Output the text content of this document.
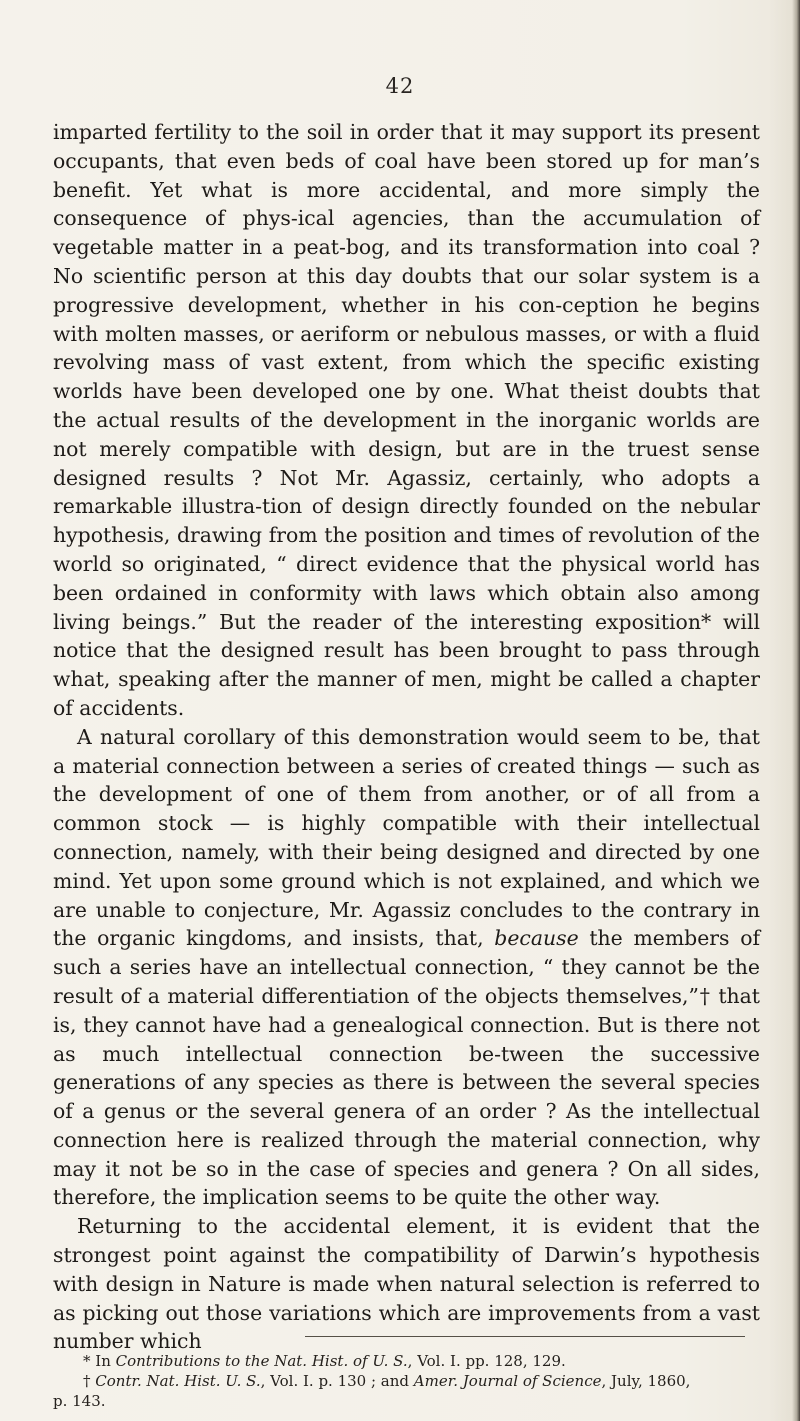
42

imparted fertility to the soil in order that it may support its present occupants, that even beds of coal have been stored up for man’s benefit. Yet what is more accidental, and more simply the consequence of phys-ical agencies, than the accumulation of vegetable matter in a peat-bog, and its transformation into coal ? No scientific person at this day doubts that our solar system is a progressive development, whether in his con-ception he begins with molten masses, or aeriform or nebulous masses, or with a fluid revolving mass of vast extent, from which the specific existing worlds have been developed one by one. What theist doubts that the actual results of the development in the inorganic worlds are not merely compatible with design, but are in the truest sense designed results ? Not Mr. Agassiz, certainly, who adopts a remarkable illustra-tion of design directly founded on the nebular hypothesis, drawing from the position and times of revolution of the world so originated, “ direct evidence that the physical world has been ordained in conformity with laws which obtain also among living beings.” But the reader of the interesting exposition* will notice that the designed result has been brought to pass through what, speaking after the manner of men, might be called a chapter of accidents.

A natural corollary of this demonstration would seem to be, that a material connection between a series of created things — such as the development of one of them from another, or of all from a common stock — is highly compatible with their intellectual connection, namely, with their being designed and directed by one mind. Yet upon some ground which is not explained, and which we are unable to conjecture, Mr. Agassiz concludes to the contrary in the organic kingdoms, and insists, that, because the members of such a series have an intellectual connection, “ they cannot be the result of a material differentiation of the objects themselves,”† that is, they cannot have had a genealogical connection. But is there not as much intellectual connection be-tween the successive generations of any species as there is between the several species of a genus or the several genera of an order ? As the intellectual connection here is realized through the material connection, why may it not be so in the case of species and genera ? On all sides, therefore, the implication seems to be quite the other way.

Returning to the accidental element, it is evident that the strongest point against the compatibility of Darwin’s hypothesis with design in Nature is made when natural selection is referred to as picking out those variations which are improvements from a vast number which

* In Contributions to the Nat. Hist. of U. S., Vol. I. pp. 128, 129.

† Contr. Nat. Hist. U. S., Vol. I. p. 130 ; and Amer. Journal of Science, July, 1860,

p. 143.
